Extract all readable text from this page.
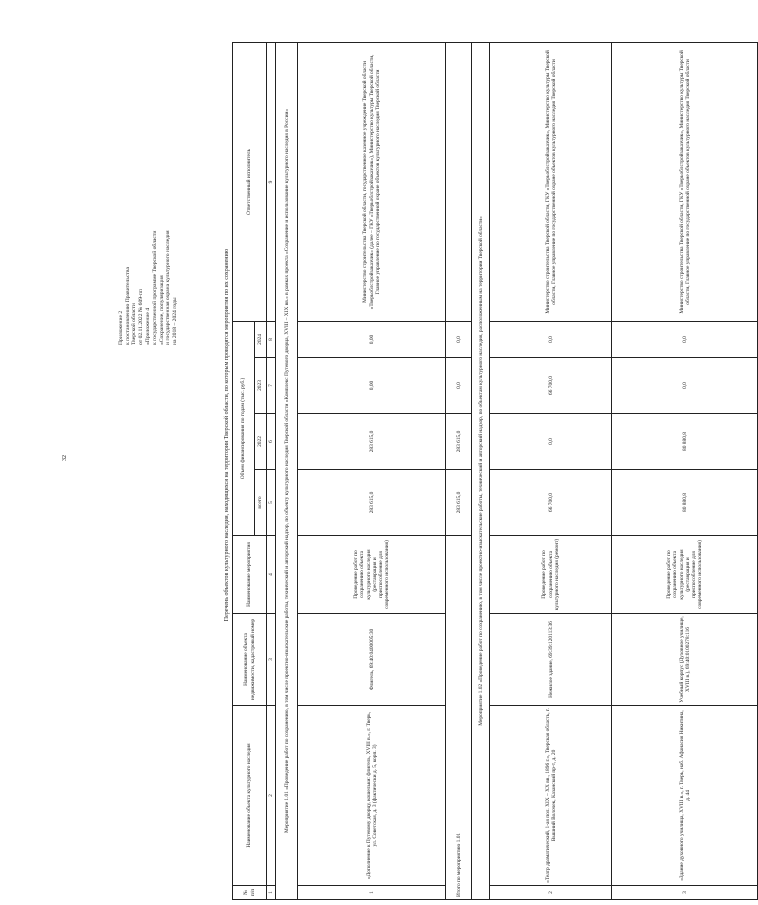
32
Приложение 2 к постановлению Правительства Тверской области от 02.11.2022 № 609-пп
«Приложение 4 к государственной программе Тверской области «Сохранение, популяризация и государственная охрана культурного наследия на 2018 – 2024 годы	Перечень объектов культурного наследия, находящихся на территории Тверской области, по которым проводятся мероприятия по их сохранению
№ п/п	Наименование объекта культурного наследия	Наименование объекта недвижимости, кадастровый номер	Наименование мероприятия	Объем финансирования по годам (тыс. руб.)				Ответственный исполнитель
				всего	2022	2023	2024	
1	2	3	4	5	6	7	8	9
Мероприятие 1.01 «Проведение работ по сохранению, в том числе проектно-изыскательские работы, технический и авторский надзор, по объекту культурного наследия Тверской области «Комплекс Путевого дворца, XVIII – XIX вв.» в рамках проекта «Сохранение и использование культурного наследия в России»								
1	«Дополнение к Путевому дворцу, кошельки: флигель, XVIII в.», г. Тверь, ул. Советская, д. 3 (фактически д. 5, корп. 3)	Флигель, 69:40:0400005:30	Проведение работ по сохранению объекта культурного наследия (реставрация и приспособление для современного использования)	283 615,0	283 615,0	0,00	0,00	Министерство строительства Тверской области, государственное казенное учреждение Тверской области «Тверьоблстройзаказчик» (далее – ГКУ «Тверьоблстройзаказчик»), Министерство культуры Тверской области, Главное управление по государственной охране объектов культурного наследия Тверской области
Итого по мероприятию 1.01				283 615,0	283 615,0	0,0	0,0	
Мероприятие 1.02 «Проведение работ по сохранению, в том числе проектно-изыскательские работы, технический и авторский надзор, по объектам культурного наследия, расположенным на территории Тверской области»								
2	«Театр драматический, 1-ая пол. XIX – XX вв., 1896 г.», Тверская область, г. Вышний Волочек, Казанский пр-т, д. 20	Нежилое здание, 69:39:120113:36	Проведение работ по сохранению объекта культурного наследия (ремонт)	66 700,0	0,0	66 700,0	0,0	Министерство строительства Тверской области, ГКУ «Тверьоблстройзаказчик», Министерство культуры Тверской области, Главное управление по государственной охране объектов культурного наследия Тверской области
3	«Здание духовного училища, XVIII в.», г. Тверь, наб. Афанасия Никитина, д. 44	Учебный корпус (Духовное училище, XVIII в.), 69:40:0100278:116	Проведение работ по сохранению объекта культурного наследия (реставрация и приспособление для современного использования)	80 880,8	80 880,8	0,0	0,0	Министерство строительства Тверской области, ГКУ «Тверьоблстройзаказчик», Министерство культуры Тверской области, Главное управление по государственной охране объектов культурного наследия Тверской области
